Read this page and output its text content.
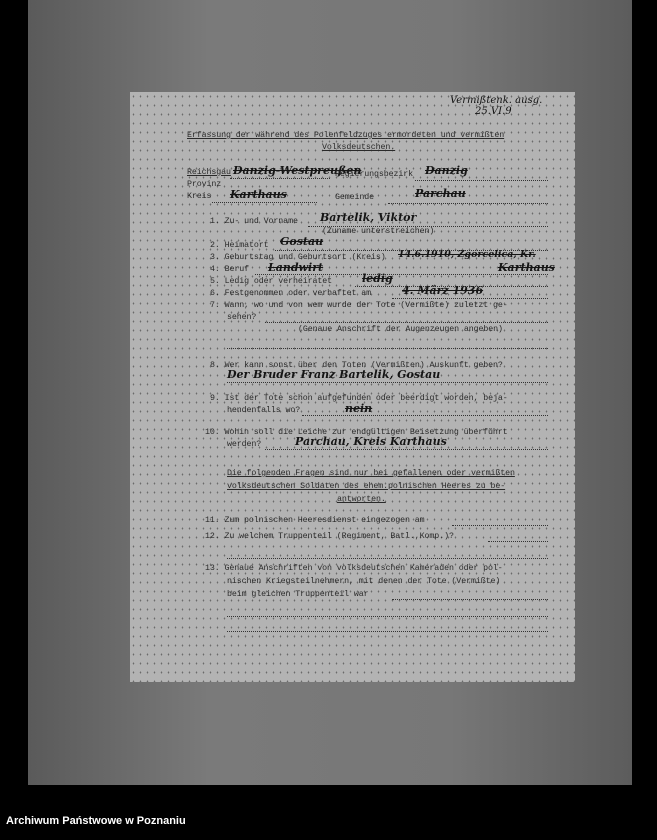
Vermißtenk. ausg.
25.VI.9
Erfassung der während des Polenfeldzuges ermordeten und vermißten
Volksdeutschen.
Reichsgau Danzig-Westpreußen
Regierungsbezirk Danzig
Provinz
Kreis Karthaus	Gemeinde	Parchau
1. Zu- und Vorname Bartelik, Viktor
(Zuname unterstreichen)
2. Heimatort Gostau
3. Geburtstag und Geburtsort (Kreis) 14.6.1910, Zgorcelica, Kr.
4. Beruf Landwirt	Karthaus
5. Ledig oder verheiratet	ledig
6. Festgenommen oder verhaftet am	4. März 1936
7. Wann, wo und von wem wurde der Tote (Vermißte) zuletzt ge-
sehen?
(Genaue Anschrift der Augenzeugen angeben)
8. Wer kann sonst über den Toten (Vermißten) Auskunft geben?
Der Bruder Franz Bartelik, Gostau
9. Ist der Tote schon aufgefunden oder beerdigt worden, beja-
hendenfalls wo?	nein
10. Wohin soll die Leiche zur endgültigen Beisetzung überführt
werden?	Parchau, Kreis Karthaus
Die folgenden Fragen sind nur bei gefallenen oder vermißten
volksdeutschen Soldaten des ehem.polnischen Heeres zu be-
antworten.
11. Zum polnischen Heeresdienst eingezogen am
12. Zu welchem Truppenteil (Regiment, Batl.,Komp.)?
13. Genaue Anschriften von volksdeutschen Kameraden oder pol-
nischen Kriegsteilnehmern, mit denen der Tote (Vermißte)
beim gleichen Truppenteil war
Archiwum Państwowe w Poznaniu
